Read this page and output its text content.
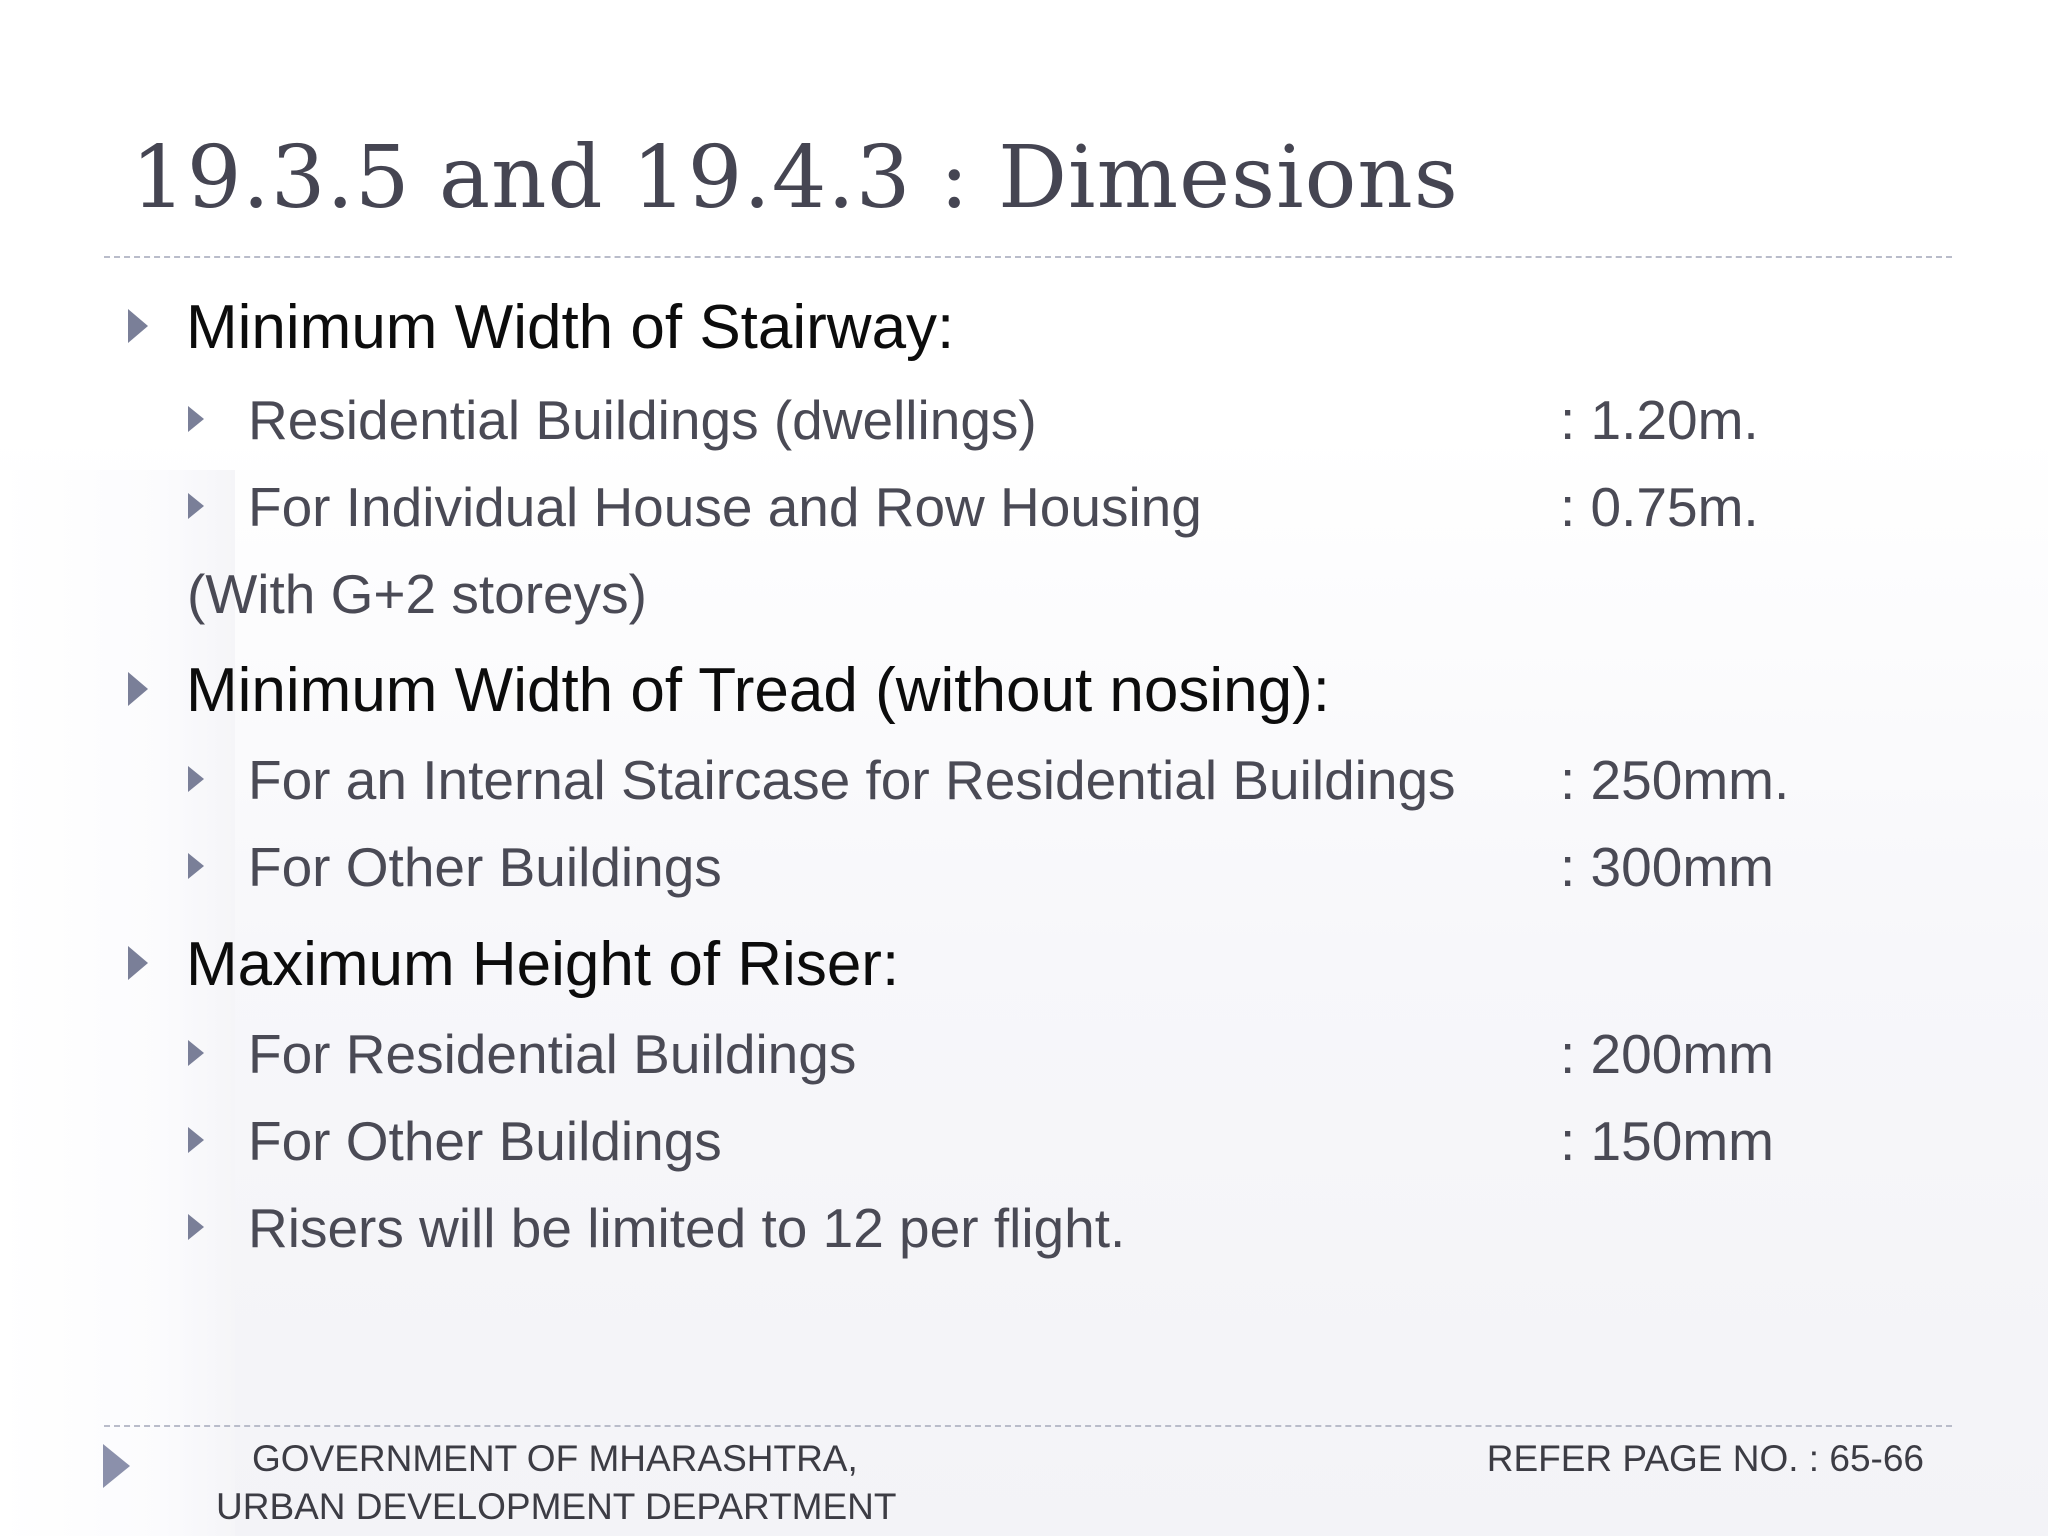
19.3.5 and 19.4.3 : Dimesions
Minimum Width of Stairway:
Residential Buildings (dwellings)	: 1.20m.
For Individual House and Row Housing	: 0.75m.
(With G+2 storeys)
Minimum Width of Tread (without nosing):
For an Internal Staircase for Residential Buildings : 250mm.
For Other Buildings	: 300mm
Maximum Height of Riser:
For Residential Buildings	: 200mm
For Other Buildings	: 150mm
Risers will be limited to 12 per flight.
GOVERNMENT OF MHARASHTRA,
URBAN DEVELOPMENT DEPARTMENT
REFER PAGE NO. : 65-66
